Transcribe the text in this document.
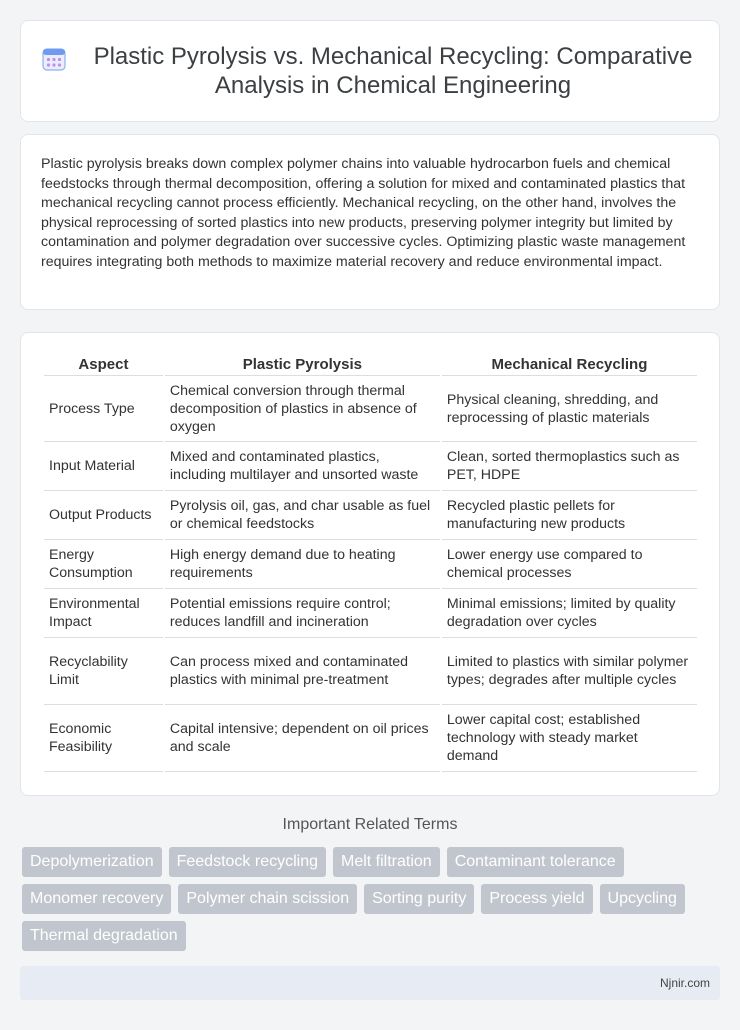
Plastic Pyrolysis vs. Mechanical Recycling: Comparative Analysis in Chemical Engineering

Plastic pyrolysis breaks down complex polymer chains into valuable hydrocarbon fuels and chemical feedstocks through thermal decomposition, offering a solution for mixed and contaminated plastics that mechanical recycling cannot process efficiently. Mechanical recycling, on the other hand, involves the physical reprocessing of sorted plastics into new products, preserving polymer integrity but limited by contamination and polymer degradation over successive cycles. Optimizing plastic waste management requires integrating both methods to maximize material recovery and reduce environmental impact.

Aspect	Plastic Pyrolysis	Mechanical Recycling
Process Type	Chemical conversion through thermal decomposition of plastics in absence of oxygen	Physical cleaning, shredding, and reprocessing of plastic materials
Input Material	Mixed and contaminated plastics, including multilayer and unsorted waste	Clean, sorted thermoplastics such as PET, HDPE
Output Products	Pyrolysis oil, gas, and char usable as fuel or chemical feedstocks	Recycled plastic pellets for manufacturing new products
Energy Consumption	High energy demand due to heating requirements	Lower energy use compared to chemical processes
Environmental Impact	Potential emissions require control; reduces landfill and incineration	Minimal emissions; limited by quality degradation over cycles
Recyclability Limit	Can process mixed and contaminated plastics with minimal pre-treatment	Limited to plastics with similar polymer types; degrades after multiple cycles
Economic Feasibility	Capital intensive; dependent on oil prices and scale	Lower capital cost; established technology with steady market demand
Important Related Terms
Depolymerization	Feedstock recycling	Melt filtration	Contaminant tolerance
Monomer recovery	Polymer chain scission	Sorting purity	Process yield	Upcycling
Thermal degradation
Njnir.com
